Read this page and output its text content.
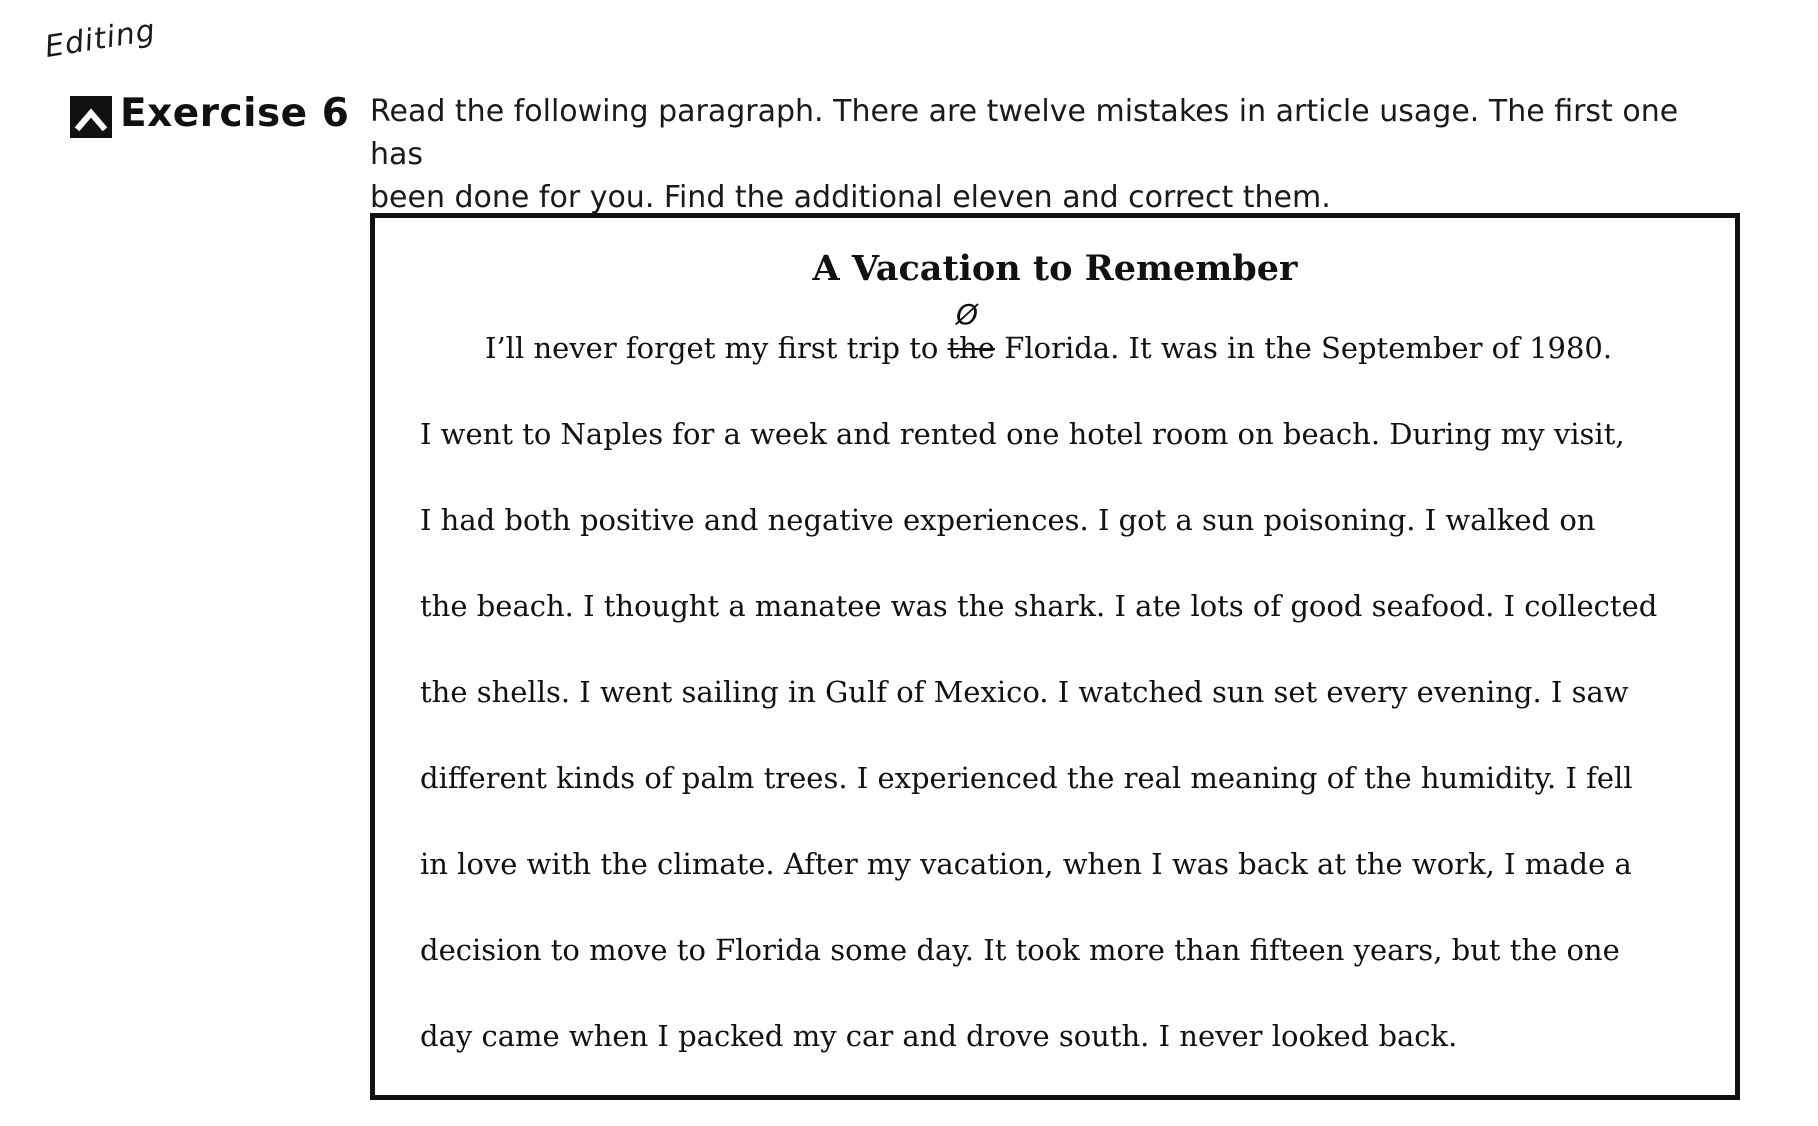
Editing
Exercise 6 Read the following paragraph. There are twelve mistakes in article usage. The first one has
been done for you. Find the additional eleven and correct them.
A Vacation to Remember
Ø
I’ll never forget my first trip to the Florida. It was in the September of 1980.
I went to Naples for a week and rented one hotel room on beach. During my visit,
I had both positive and negative experiences. I got a sun poisoning. I walked on
the beach. I thought a manatee was the shark. I ate lots of good seafood. I collected
the shells. I went sailing in Gulf of Mexico. I watched sun set every evening. I saw
different kinds of palm trees. I experienced the real meaning of the humidity. I fell
in love with the climate. After my vacation, when I was back at the work, I made a
decision to move to Florida some day. It took more than fifteen years, but the one
day came when I packed my car and drove south. I never looked back.
